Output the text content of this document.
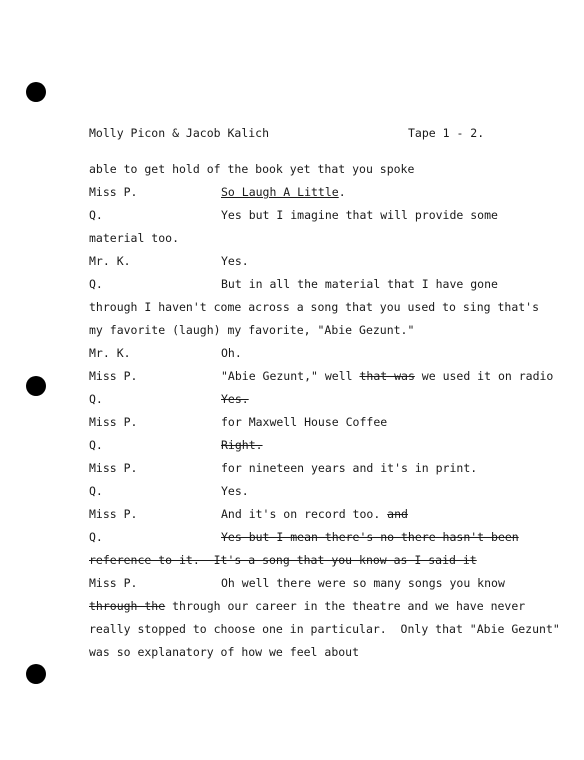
Molly Picon & Jacob Kalich	Tape 1 - 2.
able to get hold of the book yet that you spoke
Miss P.	So Laugh A Little.
Q.	Yes but I imagine that will provide some
material too.
Mr. K.	Yes.
Q.	But in all the material that I have gone
through I haven't come across a song that you used to sing that's
my favorite (laugh) my favorite, "Abie Gezunt."
Mr. K.	Oh.
Miss P.	"Abie Gezunt," well that was we used it on radio
Q.	Yes.
Miss P.	for Maxwell House Coffee
Q.	Right.
Miss P.	for nineteen years and it's in print.
Q.	Yes.
Miss P.	And it's on record too. and
Q.	Yes but I mean there's no there hasn't been
reference to it.  It's a song that you know as I said it
Miss P.	Oh well there were so many songs you know
through the through our career in the theatre and we have never
really stopped to choose one in particular.  Only that "Abie Gezunt"
was so explanatory of how we feel about
